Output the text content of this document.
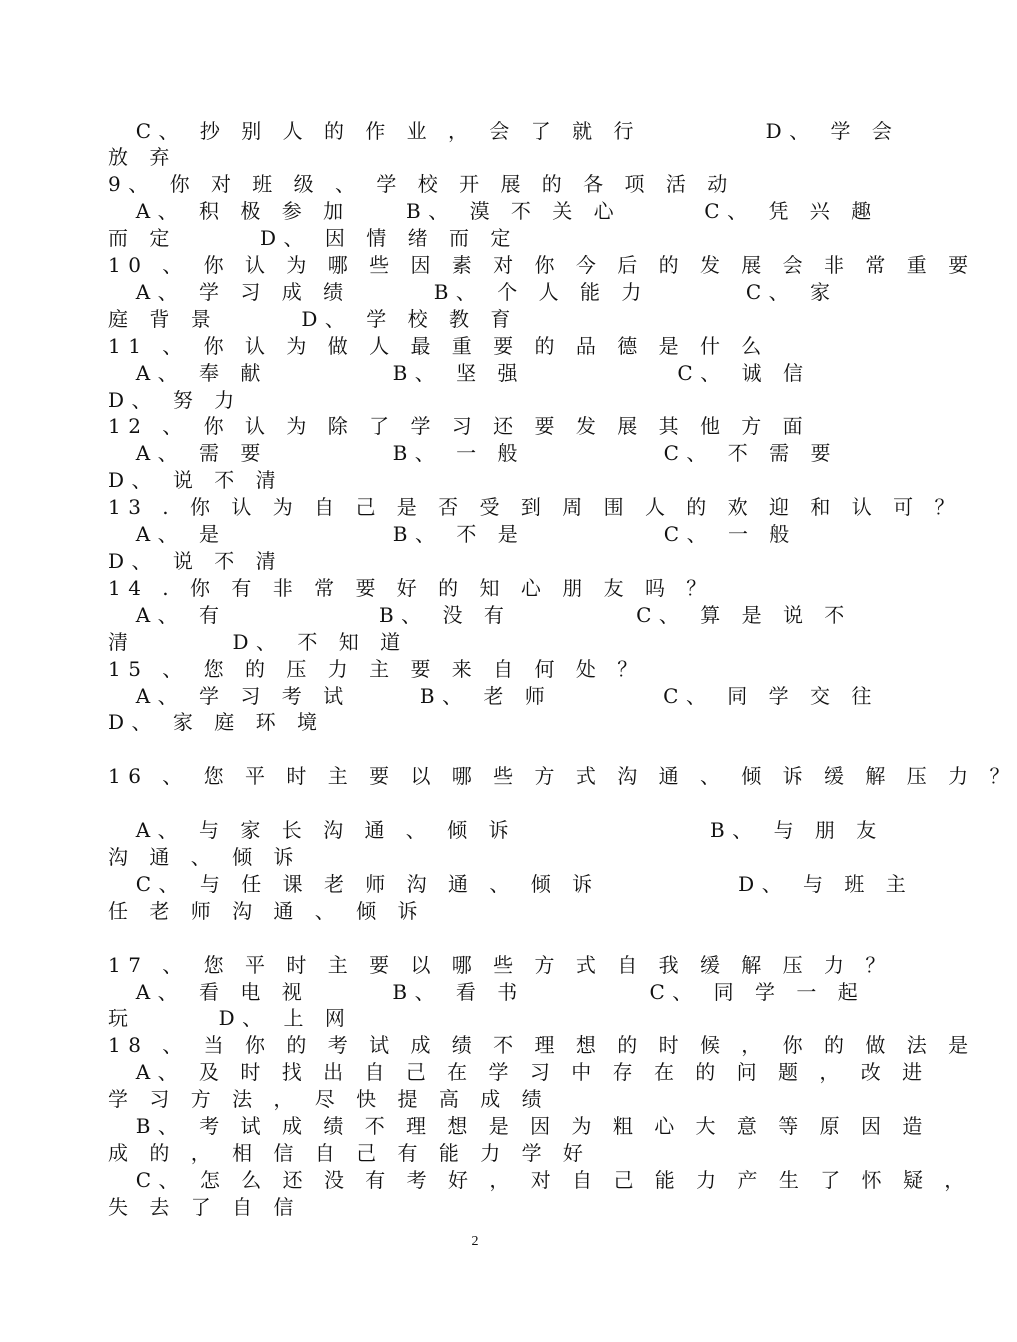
C、 抄 别 人 的 作 业 ， 会 了 就 行         D、 学 会
放 弃
9、 你 对 班 级 、 学 校 开 展 的 各 项 活 动
A、 积 极 参 加    B、 漠 不 关 心      C、 凭 兴 趣
而 定      D、 因 情 绪 而 定
10 、 你 认 为 哪 些 因 素 对 你 今 后 的 发 展 会 非 常 重 要
A、 学 习 成 绩      B、 个 人 能 力       C、 家
庭 背 景      D、 学 校 教 育
11 、 你 认 为 做 人 最 重 要 的 品 德 是 什 么
A、 奉 献         B、 坚 强           C、 诚 信
D、 努 力
12 、 你 认 为 除 了 学 习 还 要 发 展 其 他 方 面
A、 需 要         B、 一 般          C、 不 需 要
D、 说 不 清
13 . 你 认 为 自 己 是 否 受 到 周 围 人 的 欢 迎 和 认 可 ？
A、 是            B、 不 是          C、 一 般
D、 说 不 清
14 . 你 有 非 常 要 好 的 知 心 朋 友 吗 ？
A、 有           B、 没 有         C、 算 是 说 不
清       D、 不 知 道
15 、 您 的 压 力 主 要 来 自 何 处 ？
A、 学 习 考 试     B、 老 师        C、 同 学 交 往
D、 家 庭 环 境
16 、 您 平 时 主 要 以 哪 些 方 式 沟 通 、 倾 诉 缓 解 压 力 ？
A、 与 家 长 沟 通 、 倾 诉              B、 与 朋 友
沟 通 、 倾 诉
C、 与 任 课 老 师 沟 通 、 倾 诉          D、 与 班 主
任 老 师 沟 通 、 倾 诉
17 、 您 平 时 主 要 以 哪 些 方 式 自 我 缓 解 压 力 ？
A、 看 电 视      B、 看 书         C、 同 学 一 起
玩      D、 上 网
18 、 当 你 的 考 试 成 绩 不 理 想 的 时 候 ， 你 的 做 法 是
A、 及 时 找 出 自 己 在 学 习 中 存 在 的 问 题 ， 改 进
学 习 方 法 ， 尽 快 提 高 成 绩
B、 考 试 成 绩 不 理 想 是 因 为 粗 心 大 意 等 原 因 造
成 的 ， 相 信 自 己 有 能 力 学 好
C、 怎 么 还 没 有 考 好 ， 对 自 己 能 力 产 生 了 怀 疑 ，
失 去 了 自 信
2
